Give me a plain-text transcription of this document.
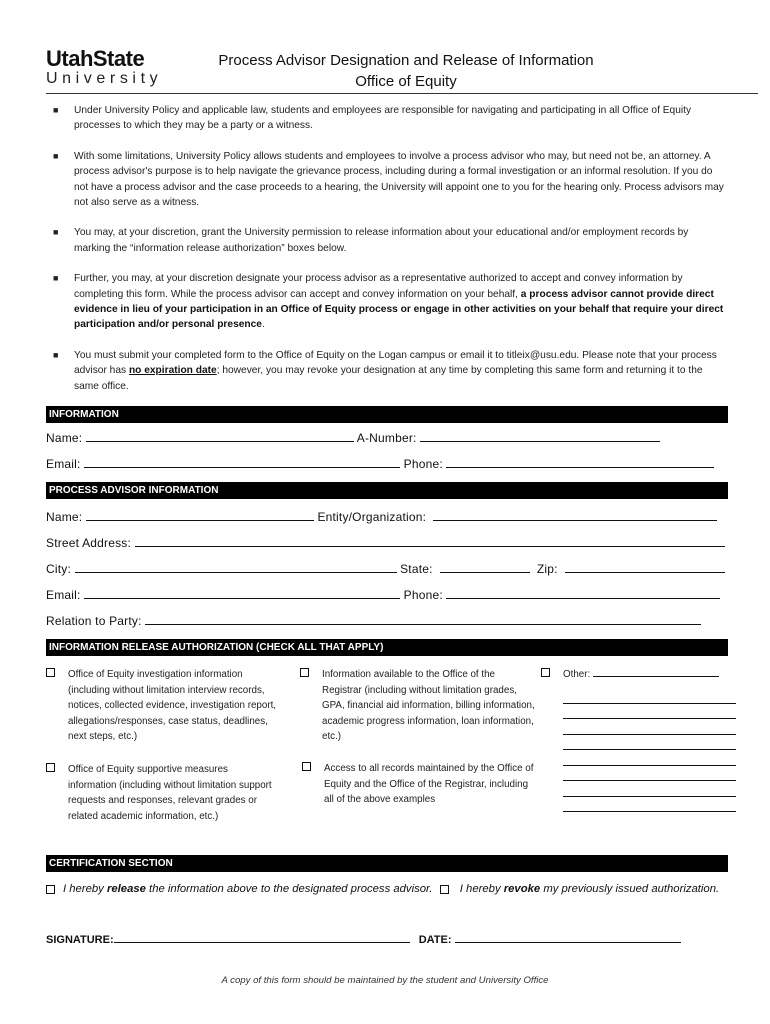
UtahState
University
Process Advisor Designation and Release of Information
Office of Equity
■ Under University Policy and applicable law, students and employees are responsible for navigating and participating in all Office of Equity processes to which they may be a party or a witness.
■ With some limitations, University Policy allows students and employees to involve a process advisor who may, but need not be, an attorney. A process advisor's purpose is to help navigate the grievance process, including during a formal investigation or an informal resolution. If you do not have a process advisor and the case proceeds to a hearing, the University will appoint one to you for the hearing only. Process advisors may not also serve as a witness.
■ You may, at your discretion, grant the University permission to release information about your educational and/or employment records by marking the “information release authorization” boxes below.
■ Further, you may, at your discretion designate your process advisor as a representative authorized to accept and convey information by completing this form. While the process advisor can accept and convey information on your behalf, a process advisor cannot provide direct evidence in lieu of your participation in an Office of Equity process or engage in other activities on your behalf that require your direct participation and/or personal presence.
■ You must submit your completed form to the Office of Equity on the Logan campus or email it to titleix@usu.edu. Please note that your process advisor has no expiration date; however, you may revoke your designation at any time by completing this same form and returning it to the same office.
INFORMATION
Name:	A-Number:
Email:	Phone:
PROCESS ADVISOR INFORMATION
Name:	Entity/Organization:
Street Address:
City:	State:	Zip:
Email:	Phone:
Relation to Party:
INFORMATION RELEASE AUTHORIZATION (CHECK ALL THAT APPLY)
Office of Equity investigation information (including without limitation interview records, notices, collected evidence, investigation report, allegations/responses, case status, deadlines, next steps, etc.)
Information available to the Office of the Registrar (including without limitation grades, GPA, financial aid information, billing information, academic progress information, loan information, etc.)
Other:
Office of Equity supportive measures information (including without limitation support requests and responses, relevant grades or related academic information, etc.)
Access to all records maintained by the Office of Equity and the Office of the Registrar, including all of the above examples
CERTIFICATION SECTION
I hereby release the information above to the designated process advisor. I hereby revoke my previously issued authorization.
SIGNATURE:	DATE:
A copy of this form should be maintained by the student and University Office
